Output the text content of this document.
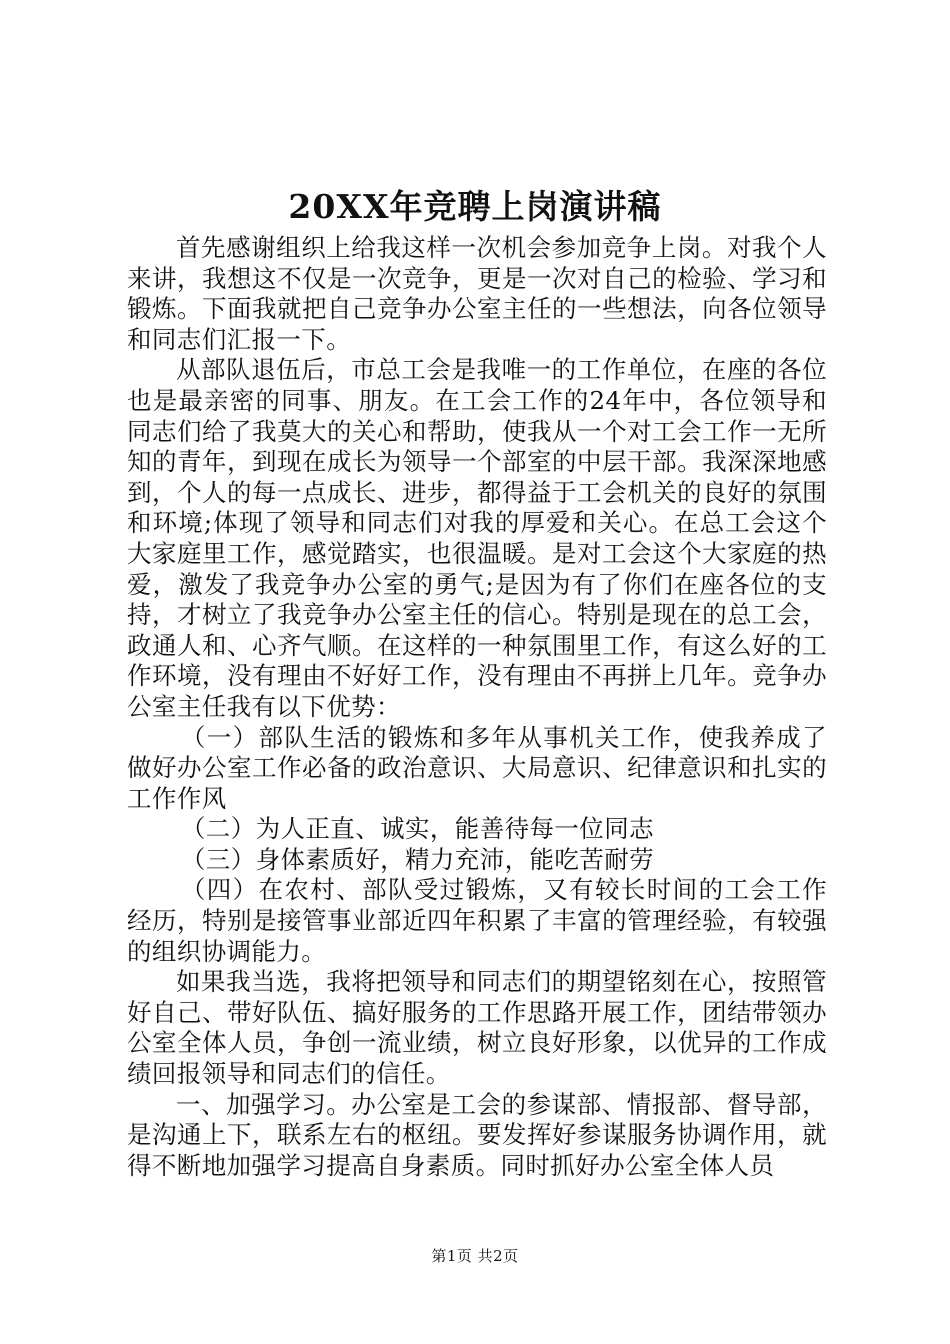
20XX年竞聘上岗演讲稿

首先感谢组织上给我这样一次机会参加竞争上岗。对我个人来讲，我想这不仅是一次竞争，更是一次对自己的检验、学习和锻炼。下面我就把自己竞争办公室主任的一些想法，向各位领导和同志们汇报一下。

从部队退伍后，市总工会是我唯一的工作单位，在座的各位也是最亲密的同事、朋友。在工会工作的24年中，各位领导和同志们给了我莫大的关心和帮助，使我从一个对工会工作一无所知的青年，到现在成长为领导一个部室的中层干部。我深深地感到，个人的每一点成长、进步，都得益于工会机关的良好的氛围和环境;体现了领导和同志们对我的厚爱和关心。在总工会这个大家庭里工作，感觉踏实，也很温暖。是对工会这个大家庭的热爱，激发了我竞争办公室的勇气;是因为有了你们在座各位的支持，才树立了我竞争办公室主任的信心。特别是现在的总工会，政通人和、心齐气顺。在这样的一种氛围里工作，有这么好的工作环境，没有理由不好好工作，没有理由不再拼上几年。竞争办公室主任我有以下优势：

（一）部队生活的锻炼和多年从事机关工作，使我养成了做好办公室工作必备的政治意识、大局意识、纪律意识和扎实的工作作风

（二）为人正直、诚实，能善待每一位同志

（三）身体素质好，精力充沛，能吃苦耐劳

（四）在农村、部队受过锻炼，又有较长时间的工会工作经历，特别是接管事业部近四年积累了丰富的管理经验，有较强的组织协调能力。

如果我当选，我将把领导和同志们的期望铭刻在心，按照管好自己、带好队伍、搞好服务的工作思路开展工作，团结带领办公室全体人员，争创一流业绩，树立良好形象，以优异的工作成绩回报领导和同志们的信任。

一、加强学习。办公室是工会的参谋部、情报部、督导部，是沟通上下，联系左右的枢纽。要发挥好参谋服务协调作用，就得不断地加强学习提高自身素质。同时抓好办公室全体人员

第1页 共2页
